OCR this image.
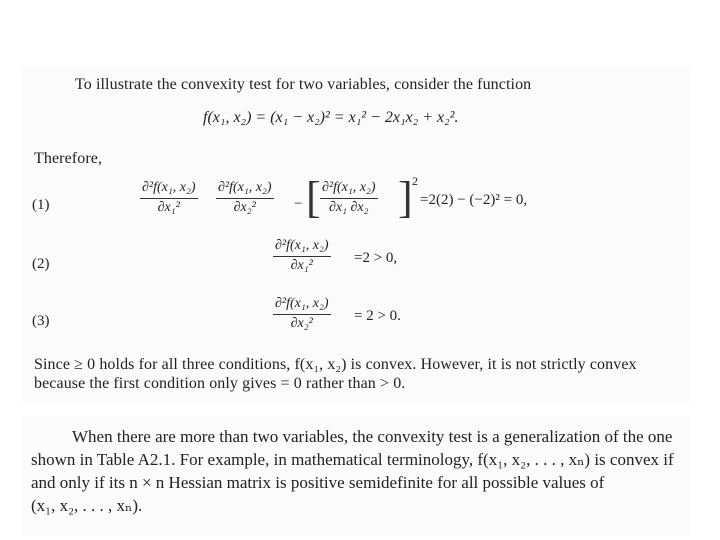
To illustrate the convexity test for two variables, consider the function
f(x₁, x₂) = (x₁ − x₂)² = x₁² − 2x₁x₂ + x₂².
Therefore,
(1)
∂²f(x₁, x₂)
∂x₁²
∂²f(x₁, x₂)
∂x₂²	− [ ∂²f(x₁, x₂)
∂x₁ ∂x₂ ] 2
=2(2) − (−2)² = 0,
(2)
∂²f(x₁, x₂)
∂x₁²	=2 > 0,
(3)
∂²f(x₁, x₂)
∂x₂²	= 2 > 0.
Since ≥ 0 holds for all three conditions, f(x₁, x₂) is convex. However, it is not strictly convex
because the first condition only gives = 0 rather than > 0.
When there are more than two variables, the convexity test is a generalization of the one
shown in Table A2.1. For example, in mathematical terminology, f(x₁, x₂, . . . , xₙ) is convex if
and only if its n × n Hessian matrix is positive semidefinite for all possible values of
(x₁, x₂, . . . , xₙ).
